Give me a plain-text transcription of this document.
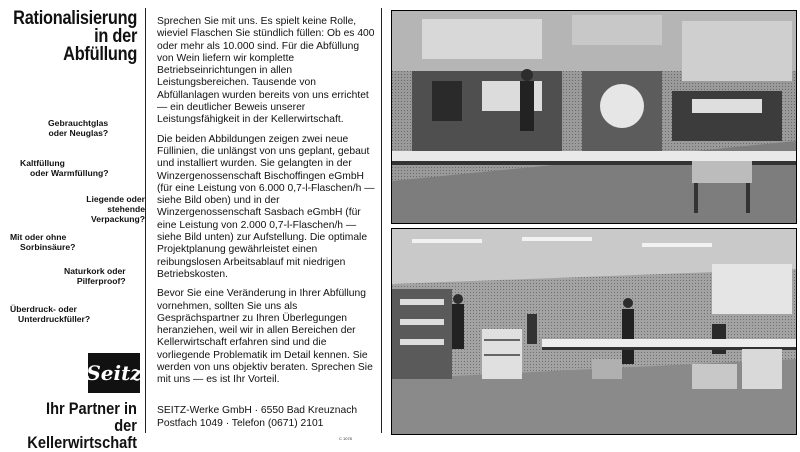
Rationalisierung
in der
Abfüllung
Gebrauchtglas
oder Neuglas?
Kaltfüllung
oder Warmfüllung?
Liegende oder
stehende Verpackung?
Mit oder ohne
Sorbinsäure?
Naturkork oder
Pilferproof?
Überdruck- oder
Unterdruckfüller?
Seitz
Ihr Partner in der
Kellerwirtschaft

Sprechen Sie mit uns. Es spielt keine Rolle, wieviel Flaschen Sie stündlich füllen: Ob es 400 oder mehr als 10.000 sind. Für die Abfüllung von Wein liefern wir komplette Betriebseinrichtungen in allen Leistungsbereichen. Tausende von Abfüllanlagen wurden bereits von uns errichtet — ein deutlicher Beweis unserer Leistungsfähigkeit in der Kellerwirtschaft.

Die beiden Abbildungen zeigen zwei neue Füllinien, die unlängst von uns geplant, gebaut und installiert wurden. Sie gelangten in der Winzergenossenschaft Bischoffingen eGmbH (für eine Leistung von 6.000 0,7-l-Flaschen/h — siehe Bild oben) und in der Winzergenossenschaft Sasbach eGmbH (für eine Leistung von 2.000 0,7-l-Flaschen/h — siehe Bild unten) zur Aufstellung. Die optimale Projektplanung gewährleistet einen reibungslosen Arbeitsablauf mit niedrigen Betriebskosten.

Bevor Sie eine Veränderung in Ihrer Abfüllung vornehmen, sollten Sie uns als Gesprächspartner zu Ihren Überlegungen heranziehen, weil wir in allen Bereichen der Kellerwirtschaft erfahren sind und die vorliegende Problematik im Detail kennen. Sie werden von uns objektiv beraten. Sprechen Sie mit uns — es ist Ihr Vorteil.

SEITZ-Werke GmbH · 6550 Bad Kreuznach
Postfach 1049 · Telefon (0671) 2101
C 1078
